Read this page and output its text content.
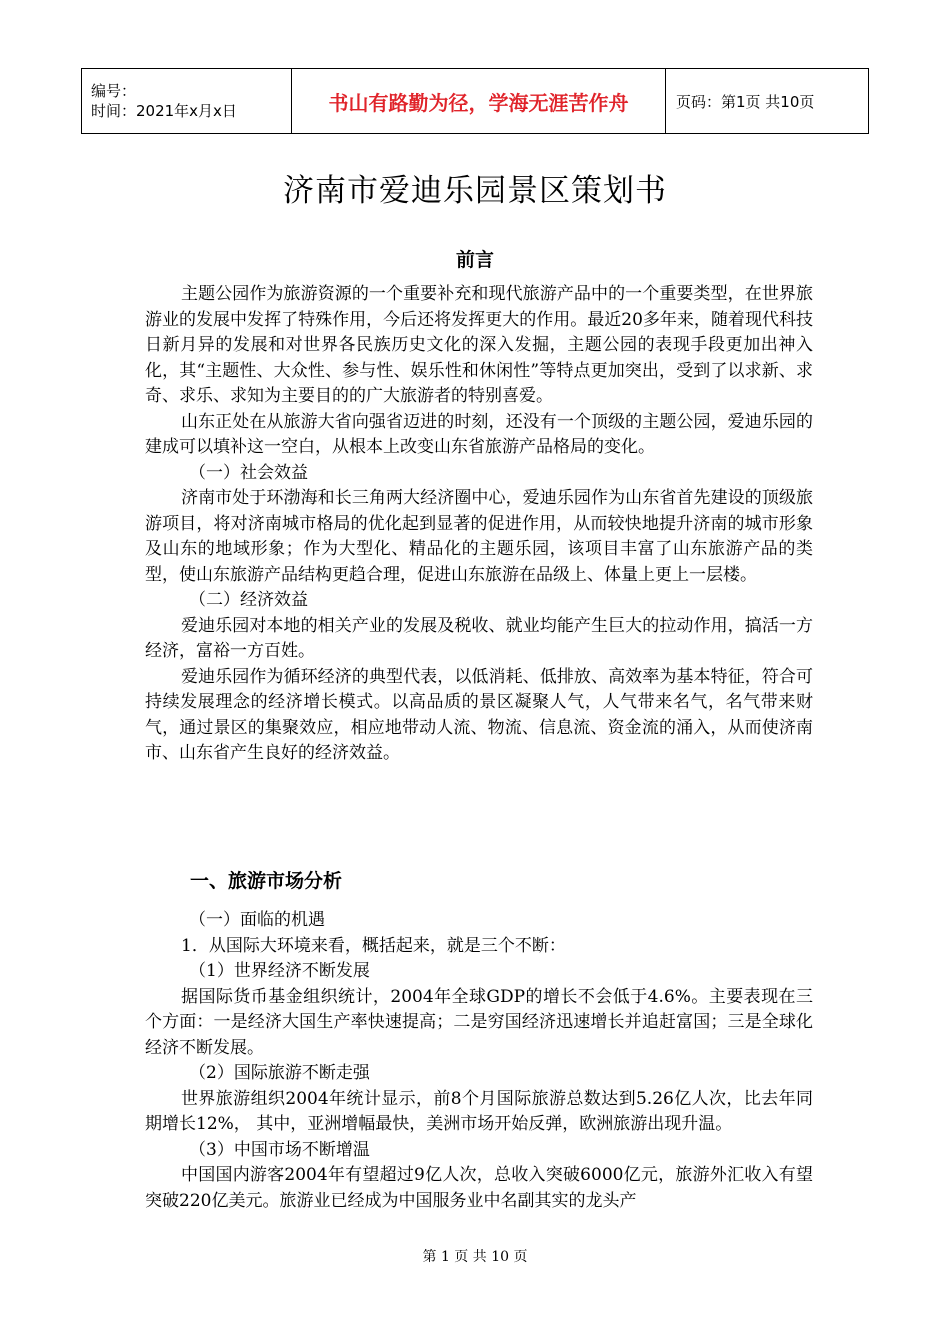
编号：
时间：2021年x月x日	书山有路勤为径，学海无涯苦作舟	页码：第1页 共10页
济南市爱迪乐园景区策划书
前言

主题公园作为旅游资源的一个重要补充和现代旅游产品中的一个重要类型，在世界旅游业的发展中发挥了特殊作用，今后还将发挥更大的作用。最近20多年来，随着现代科技日新月异的发展和对世界各民族历史文化的深入发掘，主题公园的表现手段更加出神入化，其“主题性、大众性、参与性、娱乐性和休闲性”等特点更加突出，受到了以求新、求奇、求乐、求知为主要目的的广大旅游者的特别喜爱。

山东正处在从旅游大省向强省迈进的时刻，还没有一个顶级的主题公园，爱迪乐园的建成可以填补这一空白，从根本上改变山东省旅游产品格局的变化。

（一）社会效益

济南市处于环渤海和长三角两大经济圈中心，爱迪乐园作为山东省首先建设的顶级旅游项目，将对济南城市格局的优化起到显著的促进作用，从而较快地提升济南的城市形象及山东的地域形象；作为大型化、精品化的主题乐园，该项目丰富了山东旅游产品的类型，使山东旅游产品结构更趋合理，促进山东旅游在品级上、体量上更上一层楼。

（二）经济效益

爱迪乐园对本地的相关产业的发展及税收、就业均能产生巨大的拉动作用，搞活一方经济，富裕一方百姓。

爱迪乐园作为循环经济的典型代表，以低消耗、低排放、高效率为基本特征，符合可持续发展理念的经济增长模式。以高品质的景区凝聚人气，人气带来名气，名气带来财气，通过景区的集聚效应，相应地带动人流、物流、信息流、资金流的涌入，从而使济南市、山东省产生良好的经济效益。

一、旅游市场分析

（一）面临的机遇

1．从国际大环境来看，概括起来，就是三个不断：

（1）世界经济不断发展

据国际货币基金组织统计，2004年全球GDP的增长不会低于4.6%。主要表现在三个方面：一是经济大国生产率快速提高；二是穷国经济迅速增长并追赶富国；三是全球化经济不断发展。

（2）国际旅游不断走强

世界旅游组织2004年统计显示，前8个月国际旅游总数达到5.26亿人次，比去年同期增长12%， 其中，亚洲增幅最快，美洲市场开始反弹，欧洲旅游出现升温。

（3）中国市场不断增温

中国国内游客2004年有望超过9亿人次，总收入突破6000亿元，旅游外汇收入有望突破220亿美元。旅游业已经成为中国服务业中名副其实的龙头产

第 1 页 共 10 页
